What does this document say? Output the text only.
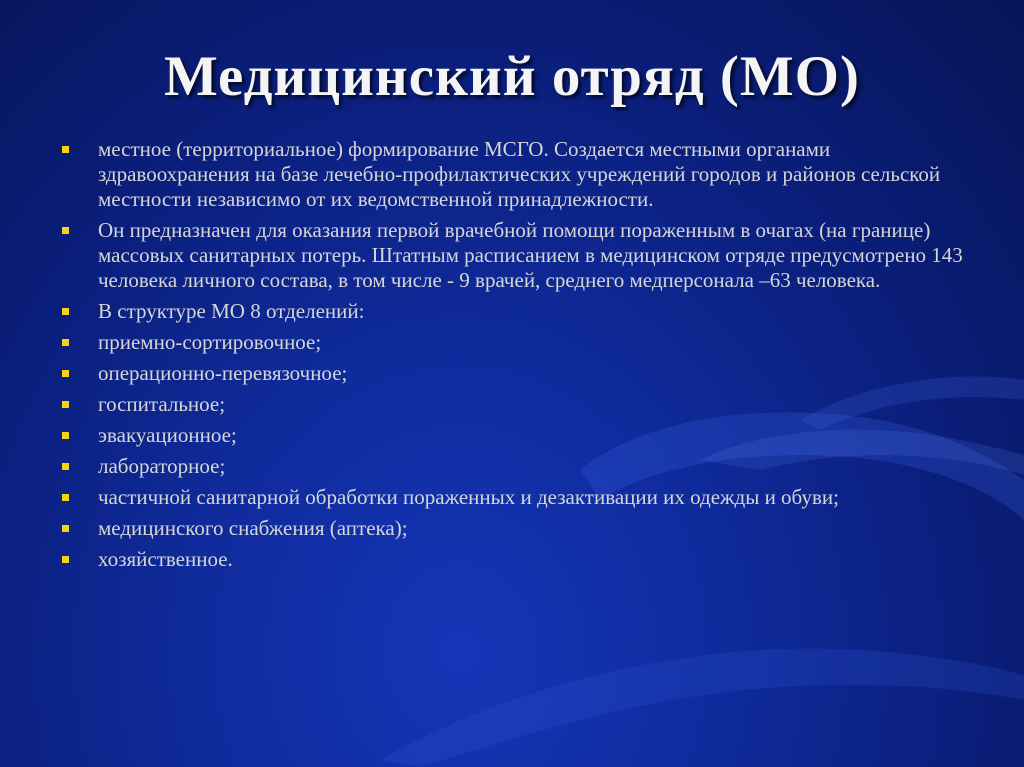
Медицинский отряд (МО)
местное (территориальное) формирование МСГО. Создается местными органами здравоохранения на базе лечебно-профилактических учреждений городов и районов сельской местности независимо от их ведомственной принадлежности.
Он предназначен для оказания первой врачебной помощи пораженным в очагах (на границе) массовых санитарных потерь. Штатным расписанием в медицинском отряде предусмотрено 143 человека личного состава, в том числе - 9 врачей, среднего медперсонала –63 человека.
В структуре МО 8 отделений:
приемно-сортировочное;
операционно-перевязочное;
госпитальное;
эвакуационное;
лабораторное;
частичной санитарной обработки пораженных и дезактивации их одежды и обуви;
медицинского снабжения (аптека);
хозяйственное.
